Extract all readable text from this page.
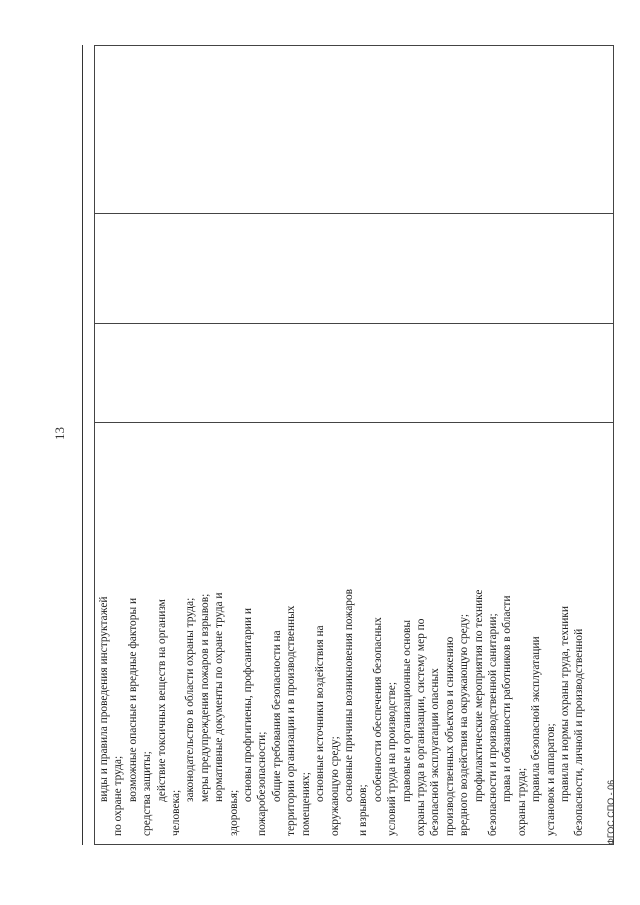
13
виды и правила проведения инструктажей по охране труда; возможные опасные и вредные факторы и средства защиты; действие токсичных веществ на организм
человека;
законодательство в области охраны труда; меры предупреждения пожаров и взрывов; нормативные документы по охране труда и
здоровья;
основы профгигиены, профсанитарии и пожаробезопасности; общие требования безопасности на территории организации и в производственных помещениях;
основные источники воздействия на окружающую среду; основные причины возникновения пожаров
и взрывов;
особенности обеспечения безопасных условий труда на производстве; правовые и организационные основы охраны труда в организации, систему мер по безопасной эксплуатации опасных производственных объектов и снижению вредного воздействия на окружающую среду; профилактические мероприятия по технике безопасности и производственной санитарии; права и обязанности работников в области охраны труда; правила безопасной эксплуатации установок и аппаратов; правила и нормы охраны труда, техники безопасности, личной и производственной ФГОС СПО - 06
